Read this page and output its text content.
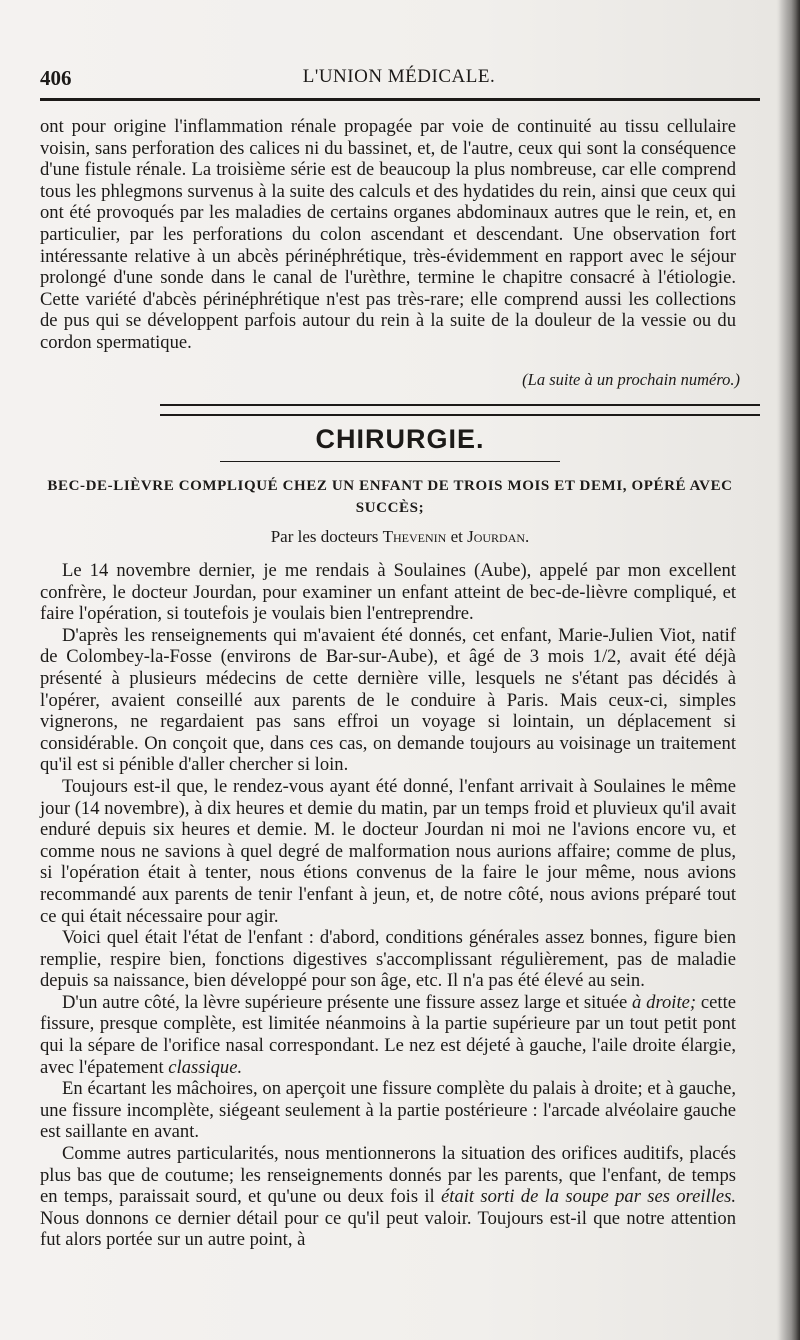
406	L'UNION MÉDICALE.

ont pour origine l'inflammation rénale propagée par voie de continuité au tissu cellulaire voisin, sans perforation des calices ni du bassinet, et, de l'autre, ceux qui sont la conséquence d'une fistule rénale. La troisième série est de beaucoup la plus nombreuse, car elle comprend tous les phlegmons survenus à la suite des calculs et des hydatides du rein, ainsi que ceux qui ont été provoqués par les maladies de certains organes abdominaux autres que le rein, et, en particulier, par les perforations du colon ascendant et descendant. Une observation fort intéressante relative à un abcès périnéphrétique, très-évidemment en rapport avec le séjour prolongé d'une sonde dans le canal de l'urèthre, termine le chapitre consacré à l'étiologie. Cette variété d'abcès périnéphrétique n'est pas très-rare; elle comprend aussi les collections de pus qui se développent parfois autour du rein à la suite de la douleur de la vessie ou du cordon spermatique.

(La suite à un prochain numéro.)
CHIRURGIE.
BEC-DE-LIÈVRE COMPLIQUÉ CHEZ UN ENFANT DE TROIS MOIS ET DEMI, OPÉRÉ AVEC SUCCÈS;
Par les docteurs Thevenin et Jourdan.

Le 14 novembre dernier, je me rendais à Soulaines (Aube), appelé par mon excellent confrère, le docteur Jourdan, pour examiner un enfant atteint de bec-de-lièvre compliqué, et faire l'opération, si toutefois je voulais bien l'entreprendre.

D'après les renseignements qui m'avaient été donnés, cet enfant, Marie-Julien Viot, natif de Colombey-la-Fosse (environs de Bar-sur-Aube), et âgé de 3 mois 1/2, avait été déjà présenté à plusieurs médecins de cette dernière ville, lesquels ne s'étant pas décidés à l'opérer, avaient conseillé aux parents de le conduire à Paris. Mais ceux-ci, simples vignerons, ne regardaient pas sans effroi un voyage si lointain, un déplacement si considérable. On conçoit que, dans ces cas, on demande toujours au voisinage un traitement qu'il est si pénible d'aller chercher si loin.

Toujours est-il que, le rendez-vous ayant été donné, l'enfant arrivait à Soulaines le même jour (14 novembre), à dix heures et demie du matin, par un temps froid et pluvieux qu'il avait enduré depuis six heures et demie. M. le docteur Jourdan ni moi ne l'avions encore vu, et comme nous ne savions à quel degré de malformation nous aurions affaire; comme de plus, si l'opération était à tenter, nous étions convenus de la faire le jour même, nous avions recommandé aux parents de tenir l'enfant à jeun, et, de notre côté, nous avions préparé tout ce qui était nécessaire pour agir.

Voici quel était l'état de l'enfant : d'abord, conditions générales assez bonnes, figure bien remplie, respire bien, fonctions digestives s'accomplissant régulièrement, pas de maladie depuis sa naissance, bien développé pour son âge, etc. Il n'a pas été élevé au sein.

D'un autre côté, la lèvre supérieure présente une fissure assez large et située à droite; cette fissure, presque complète, est limitée néanmoins à la partie supérieure par un tout petit pont qui la sépare de l'orifice nasal correspondant. Le nez est déjeté à gauche, l'aile droite élargie, avec l'épatement classique.

En écartant les mâchoires, on aperçoit une fissure complète du palais à droite; et à gauche, une fissure incomplète, siégeant seulement à la partie postérieure : l'arcade alvéolaire gauche est saillante en avant.

Comme autres particularités, nous mentionnerons la situation des orifices auditifs, placés plus bas que de coutume; les renseignements donnés par les parents, que l'enfant, de temps en temps, paraissait sourd, et qu'une ou deux fois il était sorti de la soupe par ses oreilles. Nous donnons ce dernier détail pour ce qu'il peut valoir. Toujours est-il que notre attention fut alors portée sur un autre point, à
